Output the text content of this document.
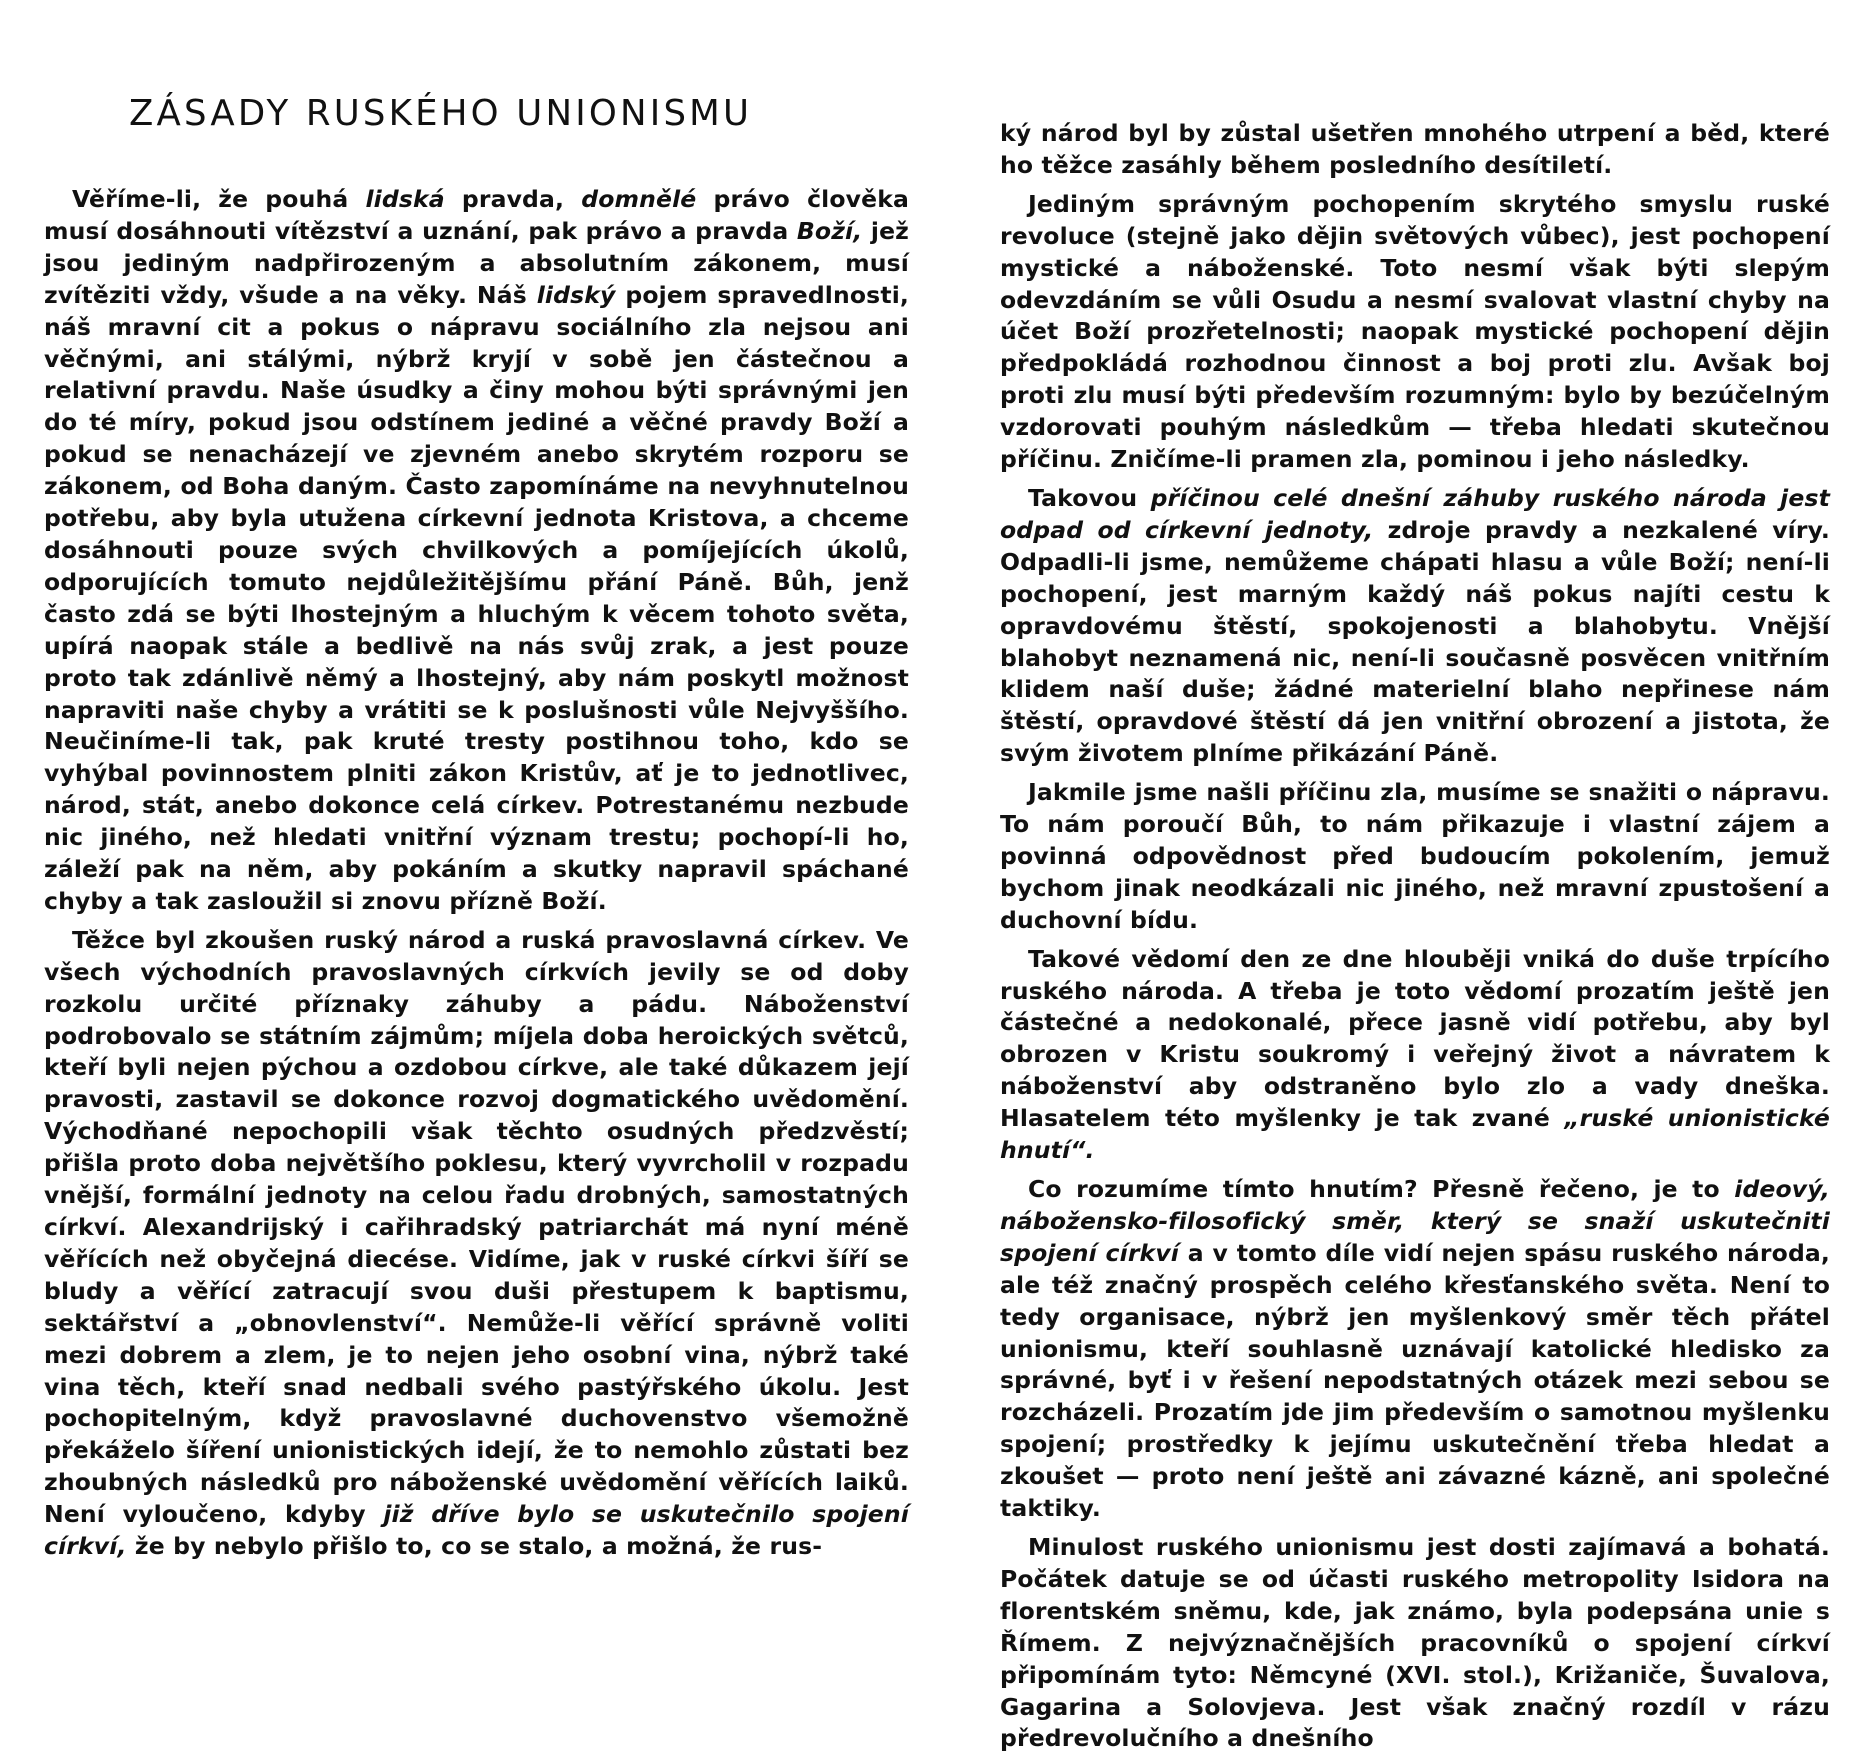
ZÁSADY RUSKÉHO UNIONISMU

Věříme-li, že pouhá lidská pravda, domnělé právo člověka musí dosáhnouti vítězství a uznání, pak právo a pravda Boží, jež jsou jediným nadpřirozeným a absolutním zákonem, musí zvítěziti vždy, všude a na věky. Náš lidský pojem spravedlnosti, náš mravní cit a pokus o nápravu sociálního zla nejsou ani věčnými, ani stálými, nýbrž kryjí v sobě jen částečnou a relativní pravdu. Naše úsudky a činy mohou býti správnými jen do té míry, pokud jsou odstínem jediné a věčné pravdy Boží a pokud se nenacházejí ve zjevném anebo skrytém rozporu se zákonem, od Boha daným. Často zapomínáme na nevyhnutelnou potřebu, aby byla utužena církevní jednota Kristova, a chceme dosáhnouti pouze svých chvilkových a pomíjejících úkolů, odporujících tomuto nejdůležitějšímu přání Páně. Bůh, jenž často zdá se býti lhostejným a hluchým k věcem tohoto světa, upírá naopak stále a bedlivě na nás svůj zrak, a jest pouze proto tak zdánlivě němý a lhostejný, aby nám poskytl možnost napraviti naše chyby a vrátiti se k poslušnosti vůle Nejvyššího. Neučiníme-li tak, pak kruté tresty postihnou toho, kdo se vyhýbal povinnostem plniti zákon Kristův, ať je to jednotlivec, národ, stát, anebo dokonce celá církev. Potrestanému nezbude nic jiného, než hledati vnitřní význam trestu; pochopí-li ho, záleží pak na něm, aby pokáním a skutky napravil spáchané chyby a tak zasloužil si znovu přízně Boží.

Těžce byl zkoušen ruský národ a ruská pravoslavná církev. Ve všech východních pravoslavných církvích jevily se od doby rozkolu určité příznaky záhuby a pádu. Náboženství podrobovalo se státním zájmům; míjela doba heroických světců, kteří byli nejen pýchou a ozdobou církve, ale také důkazem její pravosti, zastavil se dokonce rozvoj dogmatického uvědomění. Východňané nepochopili však těchto osudných předzvěstí; přišla proto doba největšího poklesu, který vyvrcholil v rozpadu vnější, formální jednoty na celou řadu drobných, samostatných církví. Alexandrijský i cařihradský patriarchát má nyní méně věřících než obyčejná diecése. Vidíme, jak v ruské církvi šíří se bludy a věřící zatracují svou duši přestupem k baptismu, sektářství a „obnovlenství“. Nemůže-li věřící správně voliti mezi dobrem a zlem, je to nejen jeho osobní vina, nýbrž také vina těch, kteří snad nedbali svého pastýřského úkolu. Jest pochopitelným, když pravoslavné duchovenstvo všemožně překáželo šíření unionistických idejí, že to nemohlo zůstati bez zhoubných následků pro náboženské uvědomění věřících laiků. Není vyloučeno, kdyby již dříve bylo se uskutečnilo spojení církví, že by nebylo přišlo to, co se stalo, a možná, že rus-

ký národ byl by zůstal ušetřen mnohého utrpení a běd, které ho těžce zasáhly během posledního desítiletí.

Jediným správným pochopením skrytého smyslu ruské revoluce (stejně jako dějin světových vůbec), jest pochopení mystické a náboženské. Toto nesmí však býti slepým odevzdáním se vůli Osudu a nesmí svalovat vlastní chyby na účet Boží prozřetelnosti; naopak mystické pochopení dějin předpokládá rozhodnou činnost a boj proti zlu. Avšak boj proti zlu musí býti především rozumným: bylo by bezúčelným vzdorovati pouhým následkům — třeba hledati skutečnou příčinu. Zničíme-li pramen zla, pominou i jeho následky.

Takovou příčinou celé dnešní záhuby ruského národa jest odpad od církevní jednoty, zdroje pravdy a nezkalené víry. Odpadli-li jsme, nemůžeme chápati hlasu a vůle Boží; není-li pochopení, jest marným každý náš pokus najíti cestu k opravdovému štěstí, spokojenosti a blahobytu. Vnější blahobyt neznamená nic, není-li současně posvěcen vnitřním klidem naší duše; žádné materielní blaho nepřinese nám štěstí, opravdové štěstí dá jen vnitřní obrození a jistota, že svým životem plníme přikázání Páně.

Jakmile jsme našli příčinu zla, musíme se snažiti o nápravu. To nám poroučí Bůh, to nám přikazuje i vlastní zájem a povinná odpovědnost před budoucím pokolením, jemuž bychom jinak neodkázali nic jiného, než mravní zpustošení a duchovní bídu.

Takové vědomí den ze dne hlouběji vniká do duše trpícího ruského národa. A třeba je toto vědomí prozatím ještě jen částečné a nedokonalé, přece jasně vidí potřebu, aby byl obrozen v Kristu soukromý i veřejný život a návratem k náboženství aby odstraněno bylo zlo a vady dneška. Hlasatelem této myšlenky je tak zvané „ruské unionistické hnutí“.

Co rozumíme tímto hnutím? Přesně řečeno, je to ideový, nábožensko-filosofický směr, který se snaží uskutečniti spojení církví a v tomto díle vidí nejen spásu ruského národa, ale též značný prospěch celého křesťanského světa. Není to tedy organisace, nýbrž jen myšlenkový směr těch přátel unionismu, kteří souhlasně uznávají katolické hledisko za správné, byť i v řešení nepodstatných otázek mezi sebou se rozcházeli. Prozatím jde jim především o samotnou myšlenku spojení; prostředky k jejímu uskutečnění třeba hledat a zkoušet — proto není ještě ani závazné kázně, ani společné taktiky.

Minulost ruského unionismu jest dosti zajímavá a bohatá. Počátek datuje se od účasti ruského metropolity Isidora na florentském sněmu, kde, jak známo, byla podepsána unie s Římem. Z nejvýznačnějších pracovníků o spojení církví připomínám tyto: Němcyné (XVI. stol.), Križaniče, Šuvalova, Gagarina a Solovjeva. Jest však značný rozdíl v rázu předrevolučního a dnešního
